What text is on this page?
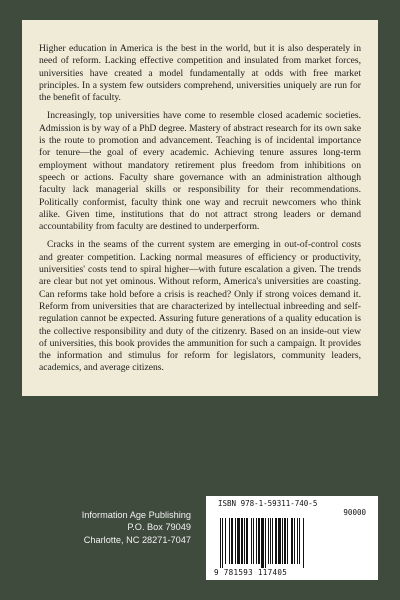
Higher education in America is the best in the world, but it is also desperately in need of reform. Lacking effective competition and insulated from market forces, universities have created a model fundamentally at odds with free market principles. In a system few outsiders comprehend, universities uniquely are run for the benefit of faculty.

Increasingly, top universities have come to resemble closed academic societies. Admission is by way of a PhD degree. Mastery of abstract research for its own sake is the route to promotion and advancement. Teaching is of incidental importance for tenure—the goal of every academic. Achieving tenure assures long-term employment without mandatory retirement plus freedom from inhibitions on speech or actions. Faculty share governance with an administration although faculty lack managerial skills or responsibility for their recommendations. Politically conformist, faculty think one way and recruit newcomers who think alike. Given time, institutions that do not attract strong leaders or demand accountability from faculty are destined to underperform.

Cracks in the seams of the current system are emerging in out-of-control costs and greater competition. Lacking normal measures of efficiency or productivity, universities' costs tend to spiral higher—with future escalation a given. The trends are clear but not yet ominous. Without reform, America's universities are coasting. Can reforms take hold before a crisis is reached? Only if strong voices demand it. Reform from universities that are characterized by intellectual inbreeding and self-regulation cannot be expected. Assuring future generations of a quality education is the collective responsibility and duty of the citizenry. Based on an inside-out view of universities, this book provides the ammunition for such a campaign. It provides the information and stimulus for reform for legislators, community leaders, academics, and average citizens.

Information Age Publishing
P.O. Box 79049
Charlotte, NC 28271-7047
ISBN 978-1-59311-740-5
90000
9 781593 117405
